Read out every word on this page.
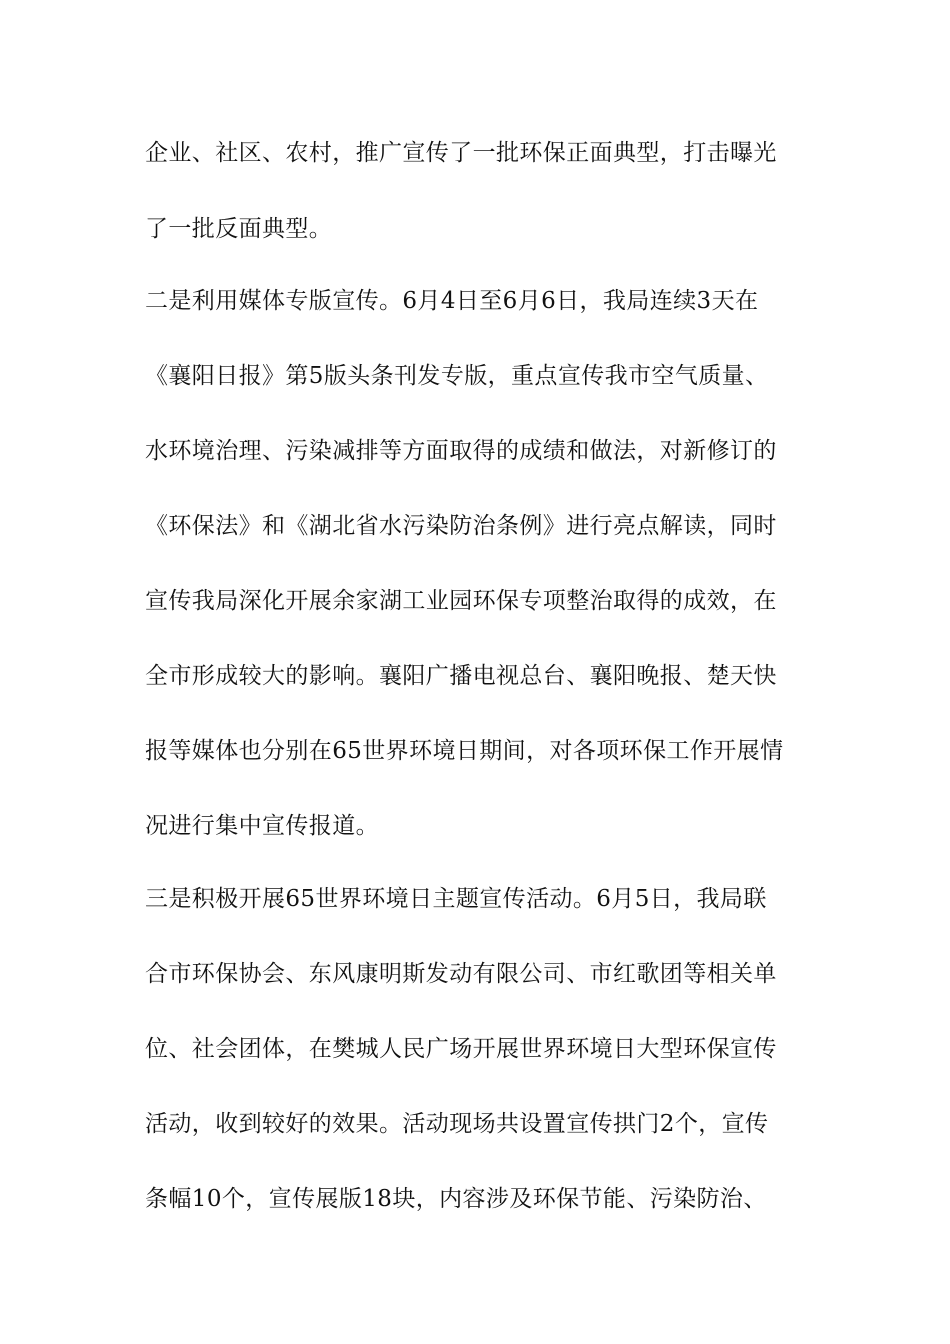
企业、社区、农村，推广宣传了一批环保正面典型，打击曝光
了一批反面典型。
二是利用媒体专版宣传。6月4日至6月6日，我局连续3天在
《襄阳日报》第5版头条刊发专版，重点宣传我市空气质量、
水环境治理、污染减排等方面取得的成绩和做法，对新修订的
《环保法》和《湖北省水污染防治条例》进行亮点解读，同时
宣传我局深化开展余家湖工业园环保专项整治取得的成效，在
全市形成较大的影响。襄阳广播电视总台、襄阳晚报、楚天快
报等媒体也分别在65世界环境日期间，对各项环保工作开展情
况进行集中宣传报道。
三是积极开展65世界环境日主题宣传活动。6月5日，我局联
合市环保协会、东风康明斯发动有限公司、市红歌团等相关单
位、社会团体，在樊城人民广场开展世界环境日大型环保宣传
活动，收到较好的效果。活动现场共设置宣传拱门2个，宣传
条幅10个，宣传展版18块，内容涉及环保节能、污染防治、
